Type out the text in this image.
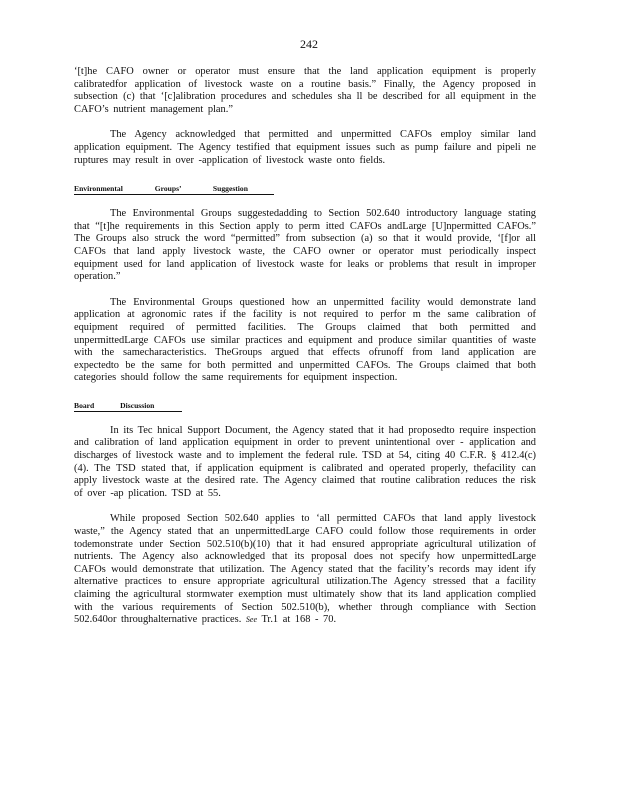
242

‘[t]he CAFO owner or operator must ensure that the land application equipment is properly calibratedfor application of livestock waste on a routine basis.” Finally, the Agency proposed in subsection (c) that ‘[c]alibration procedures and schedules sha ll be described for all equipment in the CAFO’s nutrient management plan.”

The Agency acknowledged that permitted and unpermitted CAFOs employ similar land application equipment. The Agency testified that equipment issues such as pump failure and pipeli ne ruptures may result in over -application of livestock waste onto fields.

Environmental Groups’ Suggestion

The Environmental Groups suggestedadding to Section 502.640 introductory language stating that “[t]he requirements in this Section apply to perm itted CAFOs andLarge [U]npermitted CAFOs.” The Groups also struck the word “permitted” from subsection (a) so that it would provide, ‘[f]or all CAFOs that land apply livestock waste, the CAFO owner or operator must periodically inspect equipment used for land application of livestock waste for leaks or problems that result in improper operation.”

The Environmental Groups questioned how an unpermitted facility would demonstrate land application at agronomic rates if the facility is not required to perfor m the same calibration of equipment required of permitted facilities. The Groups claimed that both permitted and unpermittedLarge CAFOs use similar practices and equipment and produce similar quantities of waste with the samecharacteristics. TheGroups argued that effects ofrunoff from land application are expectedto be the same for both permitted and unpermitted CAFOs. The Groups claimed that both categories should follow the same requirements for equipment inspection.

Board Discussion

In its Tec hnical Support Document, the Agency stated that it had proposedto require inspection and calibration of land application equipment in order to prevent unintentional over - application and discharges of livestock waste and to implement the federal rule. TSD at 54, citing 40 C.F.R. § 412.4(c)(4). The TSD stated that, if application equipment is calibrated and operated properly, thefacility can apply livestock waste at the desired rate. The Agency claimed that routine calibration reduces the risk of over -ap plication. TSD at 55.

While proposed Section 502.640 applies to ‘all permitted CAFOs that land apply livestock waste,” the Agency stated that an unpermittedLarge CAFO could follow those requirements in order todemonstrate under Section 502.510(b)(10) that it had ensured appropriate agricultural utilization of nutrients. The Agency also acknowledged that its proposal does not specify how unpermittedLarge CAFOs would demonstrate that utilization. The Agency stated that the facility’s records may ident ify alternative practices to ensure appropriate agricultural utilization.The Agency stressed that a facility claiming the agricultural stormwater exemption must ultimately show that its land application complied with the various requirements of Section 502.510(b), whether through compliance with Section 502.640or throughalternative practices. See Tr.1 at 168 - 70.
